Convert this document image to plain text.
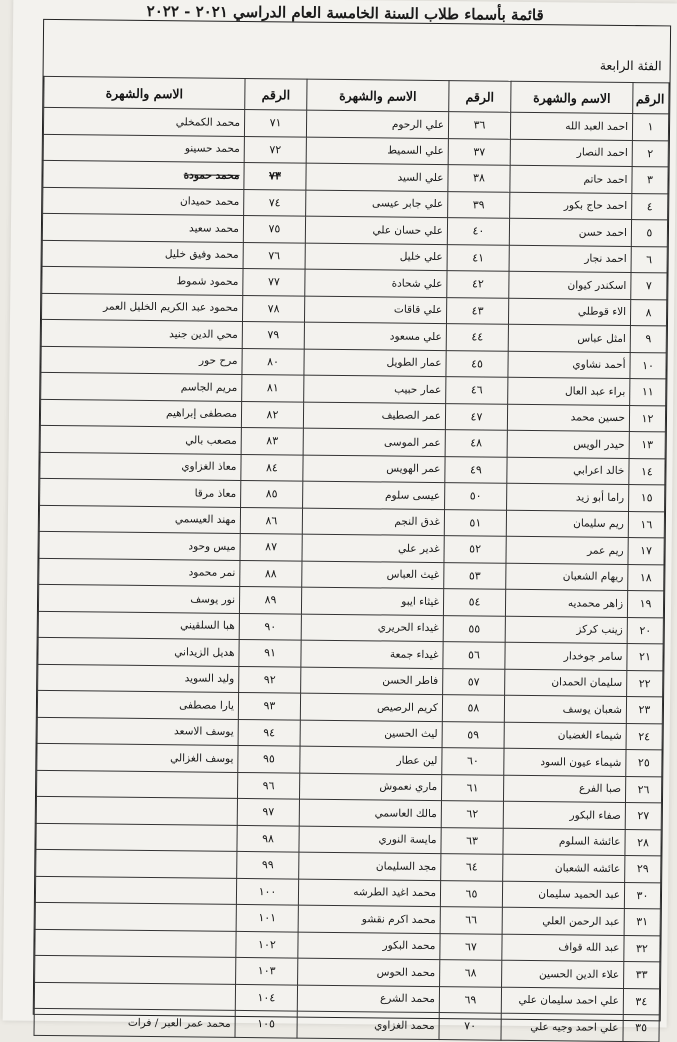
قائمة بأسماء طلاب السنة الخامسة العام الدراسي ٢٠٢١ - ٢٠٢٢
الفئة الرابعة
الرقم	الاسم والشهرة	الرقم	الاسم والشهرة	الرقم	الاسم والشهرة
١	احمد العبد الله	٣٦	علي الرحوم	٧١	محمد الكمخلي
٢	احمد النصار	٣٧	علي السميط	٧٢	محمد حسينو
٣	احمد حاتم	٣٨	علي السيد	٧٣	محمد حمودة
٤	احمد حاج بكور	٣٩	علي جابر عيسى	٧٤	محمد حميدان
٥	احمد حسن	٤٠	علي حسان علي	٧٥	محمد سعيد
٦	احمد نجار	٤١	علي خليل	٧٦	محمد وفيق خليل
٧	اسكندر كيوان	٤٢	علي شحادة	٧٧	محمود شموط
٨	الاء قوطلي	٤٣	علي قاقات	٧٨	محمود عبد الكريم الخليل العمر
٩	امثل عباس	٤٤	علي مسعود	٧٩	محي الدين جنيد
١٠	أحمد نشاوي	٤٥	عمار الطويل	٨٠	مرح حور
١١	براء عبد العال	٤٦	عمار حبيب	٨١	مريم الجاسم
١٢	حسين محمد	٤٧	عمر الصطيف	٨٢	مصطفى إبراهيم
١٣	حيدر الويس	٤٨	عمر الموسى	٨٣	مصعب بالي
١٤	خالد اعرابي	٤٩	عمر الهويس	٨٤	معاذ الغزاوي
١٥	راما أبو زيد	٥٠	عيسى سلوم	٨٥	معاذ مرقا
١٦	ريم سليمان	٥١	غدق النجم	٨٦	مهند العيسمي
١٧	ريم عمر	٥٢	غدير علي	٨٧	ميس وحود
١٨	ريهام الشعبان	٥٣	غيث العباس	٨٨	نمر محمود
١٩	زاهر محمديه	٥٤	غيثاء ايبو	٨٩	نور يوسف
٢٠	زينب كركز	٥٥	غيداء الحريري	٩٠	هبا السلقيني
٢١	سامر جوخدار	٥٦	غيداء جمعة	٩١	هديل الزيداني
٢٢	سليمان الحمدان	٥٧	فاطر الحسن	٩٢	وليد السويد
٢٣	شعبان يوسف	٥٨	كريم الرصيص	٩٣	يارا مصطفى
٢٤	شيماء الغضبان	٥٩	ليث الحسين	٩٤	يوسف الاسعد
٢٥	شيماء عيون السود	٦٠	لين عطار	٩٥	يوسف الغزالي
٢٦	صبا الفرع	٦١	ماري نعموش	٩٦	
٢٧	صفاء البكور	٦٢	مالك العاسمي	٩٧	
٢٨	عائشة السلوم	٦٣	مايسة النوري	٩٨	
٢٩	عائشه الشعبان	٦٤	مجد السليمان	٩٩	
٣٠	عبد الحميد سليمان	٦٥	محمد اغيد الطرشه	١٠٠	
٣١	عبد الرحمن العلي	٦٦	محمد اكرم نقشو	١٠١	
٣٢	عبد الله قواف	٦٧	محمد البكور	١٠٢	
٣٣	علاء الدين الحسين	٦٨	محمد الحوس	١٠٣	
٣٤	علي احمد سليمان علي	٦٩	محمد الشرع	١٠٤	
٣٥	علي احمد وجيه علي	٧٠	محمد الغزاوي	١٠٥	محمد عمر العبر / فرات
